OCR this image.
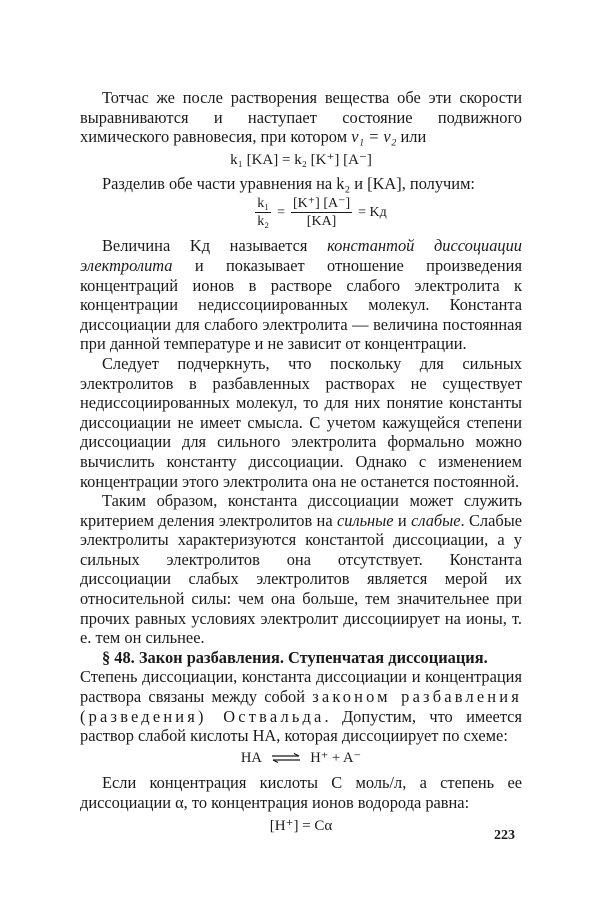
Тотчас же после растворения вещества обе эти скорости выравниваются и наступает состояние подвижного химического равновесия, при котором v₁ = v₂ или

k₁ [KA] = k₂ [K⁺] [A⁻]

Разделив обе части уравнения на k₂ и [KA], получим:

$\frac{\text{k₁}}{\text{k₂}} = \frac{[K^+] [A^-]}{[KA]}$ = Kд

Величина Kд называется константой диссоциации электролита и показывает отношение произведения концентраций ионов в растворе слабого электролита к концентрации недиссоциированных молекул. Константа диссоциации для слабого электролита — величина постоянная при данной температуре и не зависит от концентрации.

Следует подчеркнуть, что поскольку для сильных электролитов в разбавленных растворах не существует недиссоциированных молекул, то для них понятие константы диссоциации не имеет смысла. С учетом кажущейся степени диссоциации для сильного электролита формально можно вычислить константу диссоциации. Однако с изменением концентрации этого электролита она не останется постоянной.

Таким образом, константа диссоциации может служить критерием деления электролитов на сильные и слабые. Слабые электролиты характеризуются константой диссоциации, а у сильных электролитов она отсутствует. Константа диссоциации слабых электролитов является мерой их относительной силы: чем она больше, тем значительнее при прочих равных условиях электролит диссоциирует на ионы, т. е. тем он сильнее.

§ 48. Закон разбавления. Ступенчатая диссоциация.

Степень диссоциации, константа диссоциации и концентрация раствора связаны между собой законом разбавления (разведения) Оствальда. Допустим, что имеется раствор слабой кислоты НА, которая диссоциирует по схеме:

HA ⇌ H⁺ + A⁻

Если концентрация кислоты C моль/л, а степень ее диссоциации α, то концентрация ионов водорода равна:

[H⁺] = Cα
223
